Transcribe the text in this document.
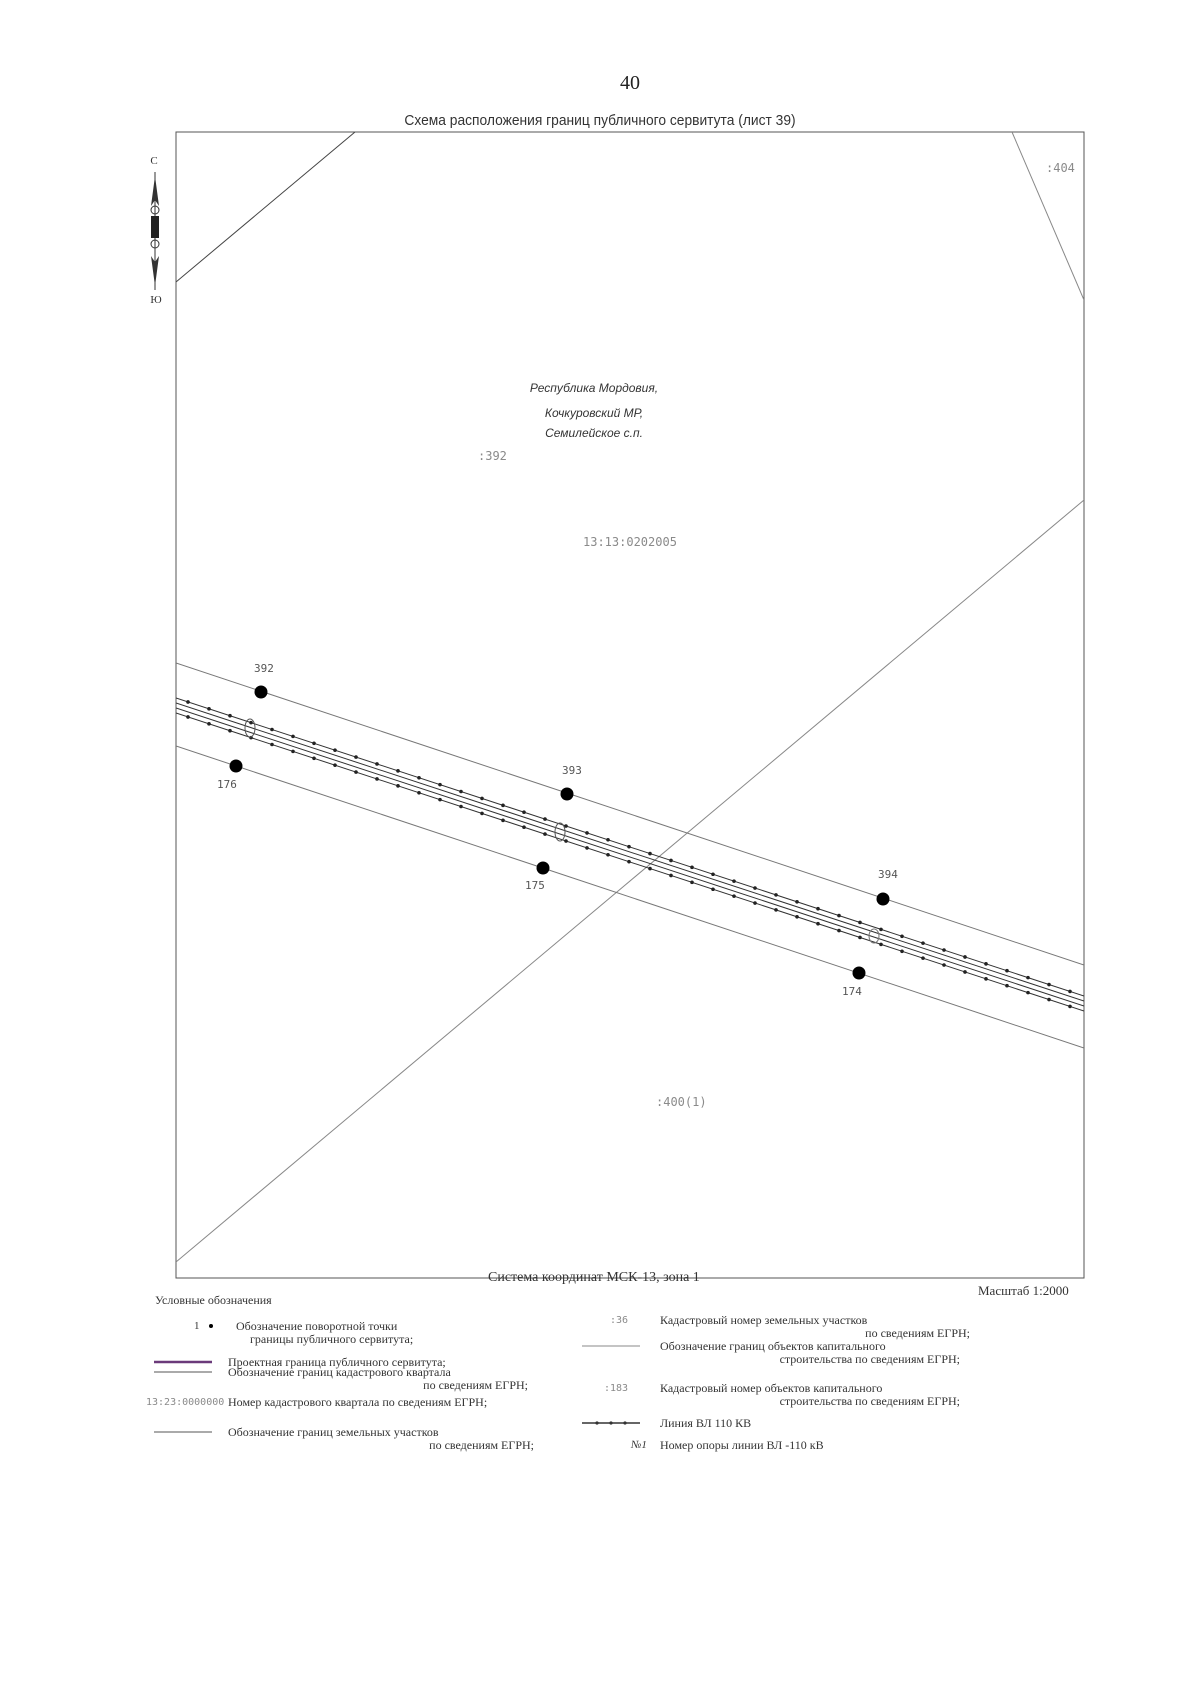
40
Схема расположения границ публичного сервитута (лист 39)
С
Ю
:404
:392
:400(1)
13:13:0202005
Республика Мордовия,
Кочкуровский МР,
Семилейское с.п.
392
393
394
176
175
174
Система координат МСК-13, зона 1
Масштаб 1:2000
Условные обозначения
1	Обозначение поворотной точки
границы публичного сервитута;
Проектная граница публичного сервитута;
Обозначение границ кадастрового квартала
по сведениям ЕГРН;
13:23:0000000 Номер кадастрового квартала по сведениям ЕГРН;
Обозначение границ земельных участков
по сведениям ЕГРН;
:36	Кадастровый номер земельных участков
по сведениям ЕГРН;
Обозначение границ объектов капитального
строительства по сведениям ЕГРН;
:183	Кадастровый номер объектов капитального
строительства по сведениям ЕГРН;
Линия ВЛ 110 КВ
№1 Номер опоры линии ВЛ -110 кВ
